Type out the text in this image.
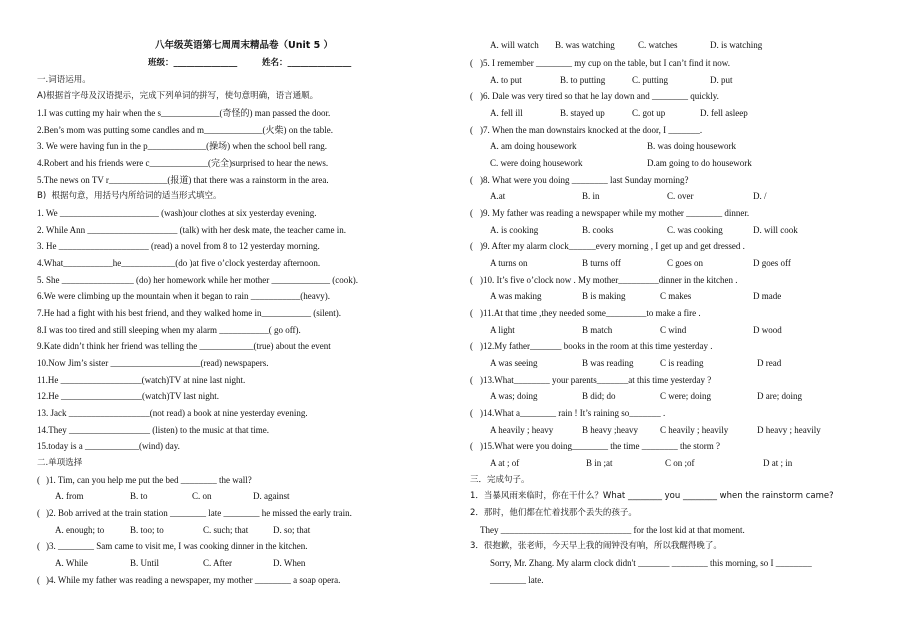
八年级英语第七周周末精品卷（Unit 5 ）
班级：_______________	姓名：_______________
一.词语运用。
A)根据首字母及汉语提示，完成下列单词的拼写，使句意明确，语言通顺。
1.I was cutting my hair when the s_____________(奇怪的) man passed the door.
2.Ben’s mom was putting some candles and m_____________(火柴) on the table.
3. We were having fun in the p_____________(操场) when the school bell rang.
4.Robert and his friends were c_____________(完全)surprised to hear the news.
5.The news on TV r_____________(报道) that there was a rainstorm in the area.
B)  根据句意，用括号内所给词的适当形式填空。
1. We ______________________ (wash)our clothes at six yesterday evening.
2. While Ann ____________________ (talk) with her desk mate, the teacher came in.
3. He ____________________ (read) a novel from 8 to 12 yesterday morning.
4.What___________he____________(do )at five o’clock yesterday afternoon.
5. She ________________ (do) her homework while her mother _____________ (cook).
6.We were climbing up the mountain when it began to rain ___________(heavy).
7.He had a fight with his best friend, and they walked home in___________ (silent).
8.I was too tired and still sleeping when my alarm ___________( go off).
9.Kate didn’t think her friend was telling the ____________(true) about the event
10.Now Jim’s sister ____________________(read) newspapers.
11.He __________________(watch)TV at nine last night.
12.He __________________(watch)TV last night.
13. Jack __________________(not read) a book at nine yesterday evening.
14.They __________________ (listen) to the music at that time.
15.today is a ____________(wind) day.
二.单项选择
( )1. Tim, can you help me put the bed ________ the wall?
A. from	B. to	C. on	D. against
( )2. Bob arrived at the train station ________ late ________ he missed the early train.
A. enough; to	B. too; to	C. such; that	D. so; that
( )3. ________ Sam came to visit me, I was cooking dinner in the kitchen.
A. While	B. Until	C. After	D. When
( )4. While my father was reading a newspaper, my mother ________ a soap opera.
A. will watch B. was watching	C. watches	D. is watching
( )5. I remember ________ my cup on the table, but I can’t find it now.
A. to put	B. to putting	C. putting	D. put
( )6. Dale was very tired so that he lay down and ________ quickly.
A. fell ill	B. stayed up	C. got up	D. fell asleep
( )7. When the man downstairs knocked at the door, I _______.
A. am doing housework	B. was doing housework
C. were doing housework	D.am going to do housework
( )8. What were you doing ________ last Sunday morning?
A.at	B. in	C. over	D. /
( )9. My father was reading a newspaper while my mother ________ dinner.
A. is cooking	B. cooks	C. was cooking	D. will cook
( )9. After my alarm clock______every morning , I get up and get dressed .
A turns on	B turns off	C goes on	D goes off
( )10. It’s five o’clock now . My mother_________dinner in the kitchen .
A was making	B is making	C makes	D made
( )11.At that time ,they needed some_________to make a fire .
A light	B match	C wind	D wood
( )12.My father_______ books in the room at this time yesterday .
A was seeing	B was reading	C is reading	D read
( )13.What________ your parents_______at this time yesterday ?
A was; doing	B did; do	C were; doing	D are; doing
( )14.What a________ rain ! It’s raining so_______ .
A heavily ; heavy	B heavy ;heavy C heavily ; heavily	D heavy ; heavily
( )15.What were you doing________ the time ________ the storm ?
A at ; of	B in ;at	C on ;of	D at ; in
三．完成句子。
1．当暴风雨来临时，你在干什么？What ________ you ________ when the rainstorm came?
2．那时，他们都在忙着找那个丢失的孩子。
They _____________________________ for the lost kid at that moment.
3．很抱歉，张老师，今天早上我的闹钟没有响，所以我醒得晚了。
Sorry, Mr. Zhang. My alarm clock didn't _______ ________ this morning, so I ________
________ late.
